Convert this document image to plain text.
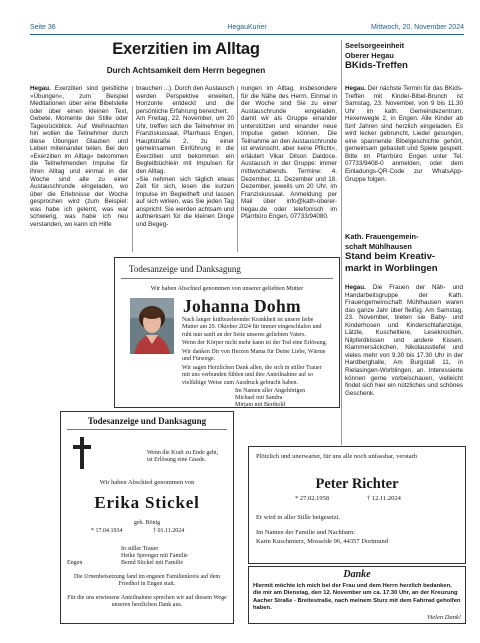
Seite 36	HegauKurier	Mittwoch, 20. November 2024
Exerzitien im Alltag
Durch Achtsamkeit dem Herrn begegnen
Hegau. Exerzitien sind geistliche »Übungen«, zum Beispiel Meditationen über eine Bibelstelle oder über einen kleinen Text, Gebete, Momente der Stille oder Tagesrückblick. Auf Weihnachten hin wollen die Teilnehmer durch diese Übungen Glauben und Leben miteinander teilen. Bei den »Exerzitien im Alltag« bekommen die Teilnehmenden Impulse für ihren Alltag und einmal in der Woche sind alle zu einer Austauschrunde eingeladen, wo über die Erlebnisse der Woche gesprochen wird (zum Beispiel: was habe ich gelernt, was war schwierig, was habe ich neu verstanden, wo kann ich Hilfe
brauchen ...). Durch den Austausch werden Perspektive erweitert, Horizonte entdeckt und die persönliche Erfahrung bereichert.
Am Freitag, 22. November, um 20 Uhr, treffen sich die Teilnehmer im Franziskussaal, Pfarrhaus Engen, Hauptstraße 2, zu einer gemeinsamen Einführung in die Exerzitien und bekommen ein Begleitbüchlein mit Impulsen für den Alltag.
»Sie nehmen sich täglich etwas Zeit für sich, lesen die kurzen Impulse im Begleitheft und lassen auf sich wirken, was Sie jeden Tag anspricht. Sie werden achtsam und aufmerksam für die kleinen Dinge und Begeg-
nungen im Alltag, insbesondere für die Nähe des Herrn. Einmal in der Woche sind Sie zu einer Austauschrunde eingeladen, damit wir als Gruppe einander unterstützen und einander neue Impulse geben können. Die Teilnahme an den Austauschrunde ist erwünscht, aber keine Pflicht«, erläutert Vikar Dilson Daldoce. Austausch in der Gruppe: immer mittwochabends. Termine: 4. Dezember, 11. Dezember und 18. Dezember, jeweils um 20 Uhr, im Franziskussaal. Anmeldung per Mail über info@kath-oberer-hegau.de oder telefonisch im Pfarrbüro Engen, 07733/94080.
Seelsorgeeinheit
Oberer Hegau
BKids-Treffen
Hegau. Der nächste Termin für das BKids-Treffen mit Kinder-Bibel-Brunch ist Samstag, 23. November, von 9 bis 11.30 Uhr im kath. Gemeindezentrum, Hexenwegle 2, in Engen. Alle Kinder ab fünf Jahren sind herzlich eingeladen. Es wird lecker gebruncht, Lieder gesungen, eine spannende Bibelgeschichte gehört, gemeinsam gebastelt und Spiele gespielt. Bitte im Pfarrbüro Engen unter Tel. 07733/9408-0 anmelden, oder dem Einladungs-QR-Code zur WhatsApp-Gruppe folgen.
Kath. Frauengemein-
schaft Mühlhausen
Stand beim Kreativ-
markt in Worblingen
Hegau. Die Frauen der Näh- und Handarbeitsgruppe der Kath. Frauengemeinschaft Mühlhausen waren das ganze Jahr über fleißig. Am Samstag, 23. November, bieten sie Baby- und Kinderhosen und Kinderschlafanzüge, Lätzle, Kuscheltiere, Leseknochen, Nilpferdkissen und andere Kissen, Klammersäckchen, Nikolausstiefel und vieles mehr von 9.30 bis 17.30 Uhr in der Hardberghalle, Am Burgstall 11, in Rielasingen-Worblingen, an. Interessierte können gerne vorbeischauen, vielleicht findet sich hier ein nützliches und schönes Geschenk.
Todesanzeige und Danksagung
Wir haben Abschied genommen von unserer geliebten Mutter
Johanna Dohm
Nach langer kräftezehrender Krankheit ist unsere liebe Mutter am 29. Oktober 2024 für immer eingeschlafen und ruht nun sanft an der Seite unseres geliebten Vaters.
Wenn der Körper nicht mehr kann ist der Tod eine Erlösung.
Wir danken Dir von Herzen Mama für Deine Liebe, Wärme und Fürsorge.
Wir sagen Herzlichen Dank allen, die sich in stiller Trauer mit uns verbunden fühlen und ihre Anteilnahme auf so vielfältige Weise zum Ausdruck gebracht haben.
Im Namen aller Angehörigen
Michael mit Sandra
Mirjam mit Berthold
Todesanzeige und Danksagung
Wenn die Kraft zu Ende geht,
ist Erlösung eine Gnade.
Wir haben Abschied genommen von
Erika Stickel
geb. Bönig
* 17.04.1934	† 01.11.2024
In stiller Trauer
Heike Sprenger mit Familie
Bernd Stickel mit Familie
Engen
Die Urnenbeisetzung fand im engsten Familienkreis auf dem Friedhof in Engen statt.
Für die uns erwiesene Anteilnahme sprechen wir auf diesem Wege unseren herzlichen Dank aus.
Plötzlich und unerwartet, für uns alle noch unfassbar, verstarb
Peter Richter
* 27.02.1958	† 12.11.2024
Er wird in aller Stille beigesetzt.
Im Namen der Familie und Nachbarn:
Karin Kuschmierz, Mosselde 96, 44357 Dortmund
Danke
Hiermit möchte ich mich bei der Frau und dem Herrn herzlich bedanken, die mir am Dienstag, den 12. November um ca. 17.30 Uhr, an der Kreuzung Aacher Straße - Breitestraße, nach meinem Sturz mit dem Fahrrad geholfen haben.
Vielen Dank!
